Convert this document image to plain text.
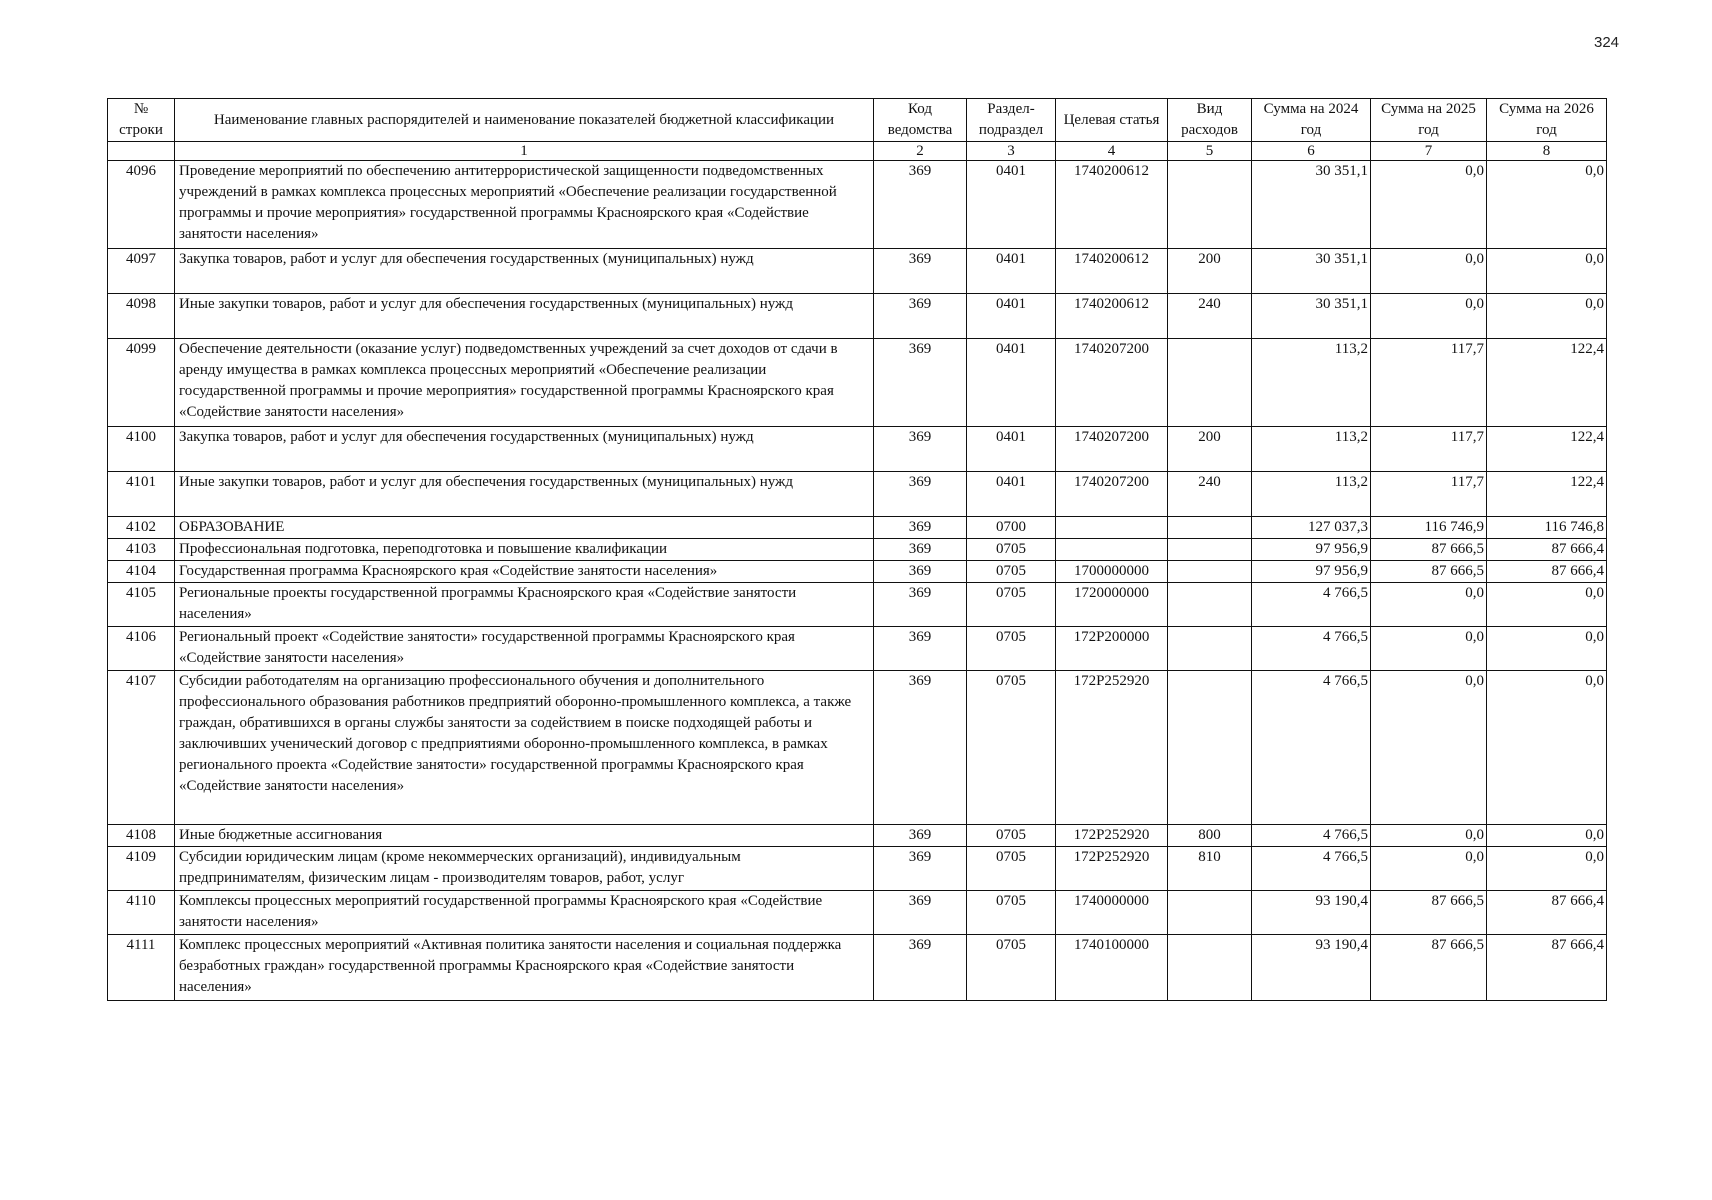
324
№ строки	Наименование главных распорядителей и наименование показателей бюджетной классификации	Код ведомства	Раздел-подраздел	Целевая статья	Вид расходов	Сумма на 2024 год	Сумма на 2025 год	Сумма на 2026 год
	1	2	3	4	5	6	7	8
4096	Проведение мероприятий по обеспечению антитеррористической защищенности подведомственных учреждений в рамках комплекса процессных мероприятий «Обеспечение реализации государственной программы и прочие мероприятия» государственной программы Красноярского края «Содействие занятости населения»	369	0401	1740200612		30 351,1	0,0	0,0
4097	Закупка товаров, работ и услуг для обеспечения государственных (муниципальных) нужд	369	0401	1740200612	200	30 351,1	0,0	0,0
4098	Иные закупки товаров, работ и услуг для обеспечения государственных (муниципальных) нужд	369	0401	1740200612	240	30 351,1	0,0	0,0
4099	Обеспечение деятельности (оказание услуг) подведомственных учреждений за счет доходов от сдачи в аренду имущества в рамках комплекса процессных мероприятий «Обеспечение реализации государственной программы и прочие мероприятия» государственной программы Красноярского края «Содействие занятости населения»	369	0401	1740207200		113,2	117,7	122,4
4100	Закупка товаров, работ и услуг для обеспечения государственных (муниципальных) нужд	369	0401	1740207200	200	113,2	117,7	122,4
4101	Иные закупки товаров, работ и услуг для обеспечения государственных (муниципальных) нужд	369	0401	1740207200	240	113,2	117,7	122,4
4102	ОБРАЗОВАНИЕ	369	0700			127 037,3	116 746,9	116 746,8
4103	Профессиональная подготовка, переподготовка и повышение квалификации	369	0705			97 956,9	87 666,5	87 666,4
4104	Государственная программа Красноярского края «Содействие занятости населения»	369	0705	1700000000		97 956,9	87 666,5	87 666,4
4105	Региональные проекты государственной программы Красноярского края «Содействие занятости населения»	369	0705	1720000000		4 766,5	0,0	0,0
4106	Региональный проект «Содействие занятости» государственной программы Красноярского края «Содействие занятости населения»	369	0705	172P200000		4 766,5	0,0	0,0
4107	Субсидии работодателям на организацию профессионального обучения и дополнительного профессионального образования работников предприятий оборонно-промышленного комплекса, а также граждан, обратившихся в органы службы занятости за содействием в поиске подходящей работы и заключивших ученический договор с предприятиями оборонно-промышленного комплекса, в рамках регионального проекта «Содействие занятости» государственной программы Красноярского края «Содействие занятости населения»	369	0705	172P252920		4 766,5	0,0	0,0
4108	Иные бюджетные ассигнования	369	0705	172P252920	800	4 766,5	0,0	0,0
4109	Субсидии юридическим лицам (кроме некоммерческих организаций), индивидуальным предпринимателям, физическим лицам - производителям товаров, работ, услуг	369	0705	172P252920	810	4 766,5	0,0	0,0
4110	Комплексы процессных мероприятий государственной программы Красноярского края «Содействие занятости населения»	369	0705	1740000000		93 190,4	87 666,5	87 666,4
4111	Комплекс процессных мероприятий «Активная политика занятости населения и социальная поддержка безработных граждан» государственной программы Красноярского края «Содействие занятости населения»	369	0705	1740100000		93 190,4	87 666,5	87 666,4
